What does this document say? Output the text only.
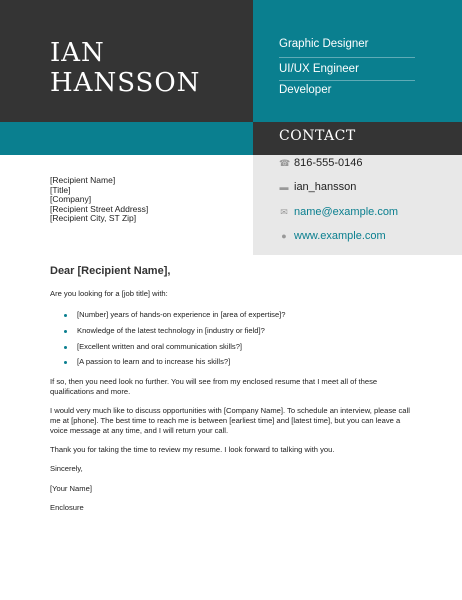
IAN
HANSSON
Graphic Designer
UI/UX Engineer
Developer
CONTACT
☎ 816-555-0146
▬ ian_hansson
✉ name@example.com
● www.example.com
[Recipient Name]
[Title]
[Company]
[Recipient Street Address]
[Recipient City, ST Zip]
Dear [Recipient Name],
Are you looking for a [job title] with:
[Number] years of hands-on experience in [area of expertise]?
Knowledge of the latest technology in [industry or field]?
[Excellent written and oral communication skills?]
[A passion to learn and to increase his skills?]
If so, then you need look no further. You will see from my enclosed resume that I meet all of these qualifications and more.
I would very much like to discuss opportunities with [Company Name]. To schedule an interview, please call me at [phone]. The best time to reach me is between [earliest time] and [latest time], but you can leave a voice message at any time, and I will return your call.
Thank you for taking the time to review my resume. I look forward to talking with you.
Sincerely,
[Your Name]
Enclosure
